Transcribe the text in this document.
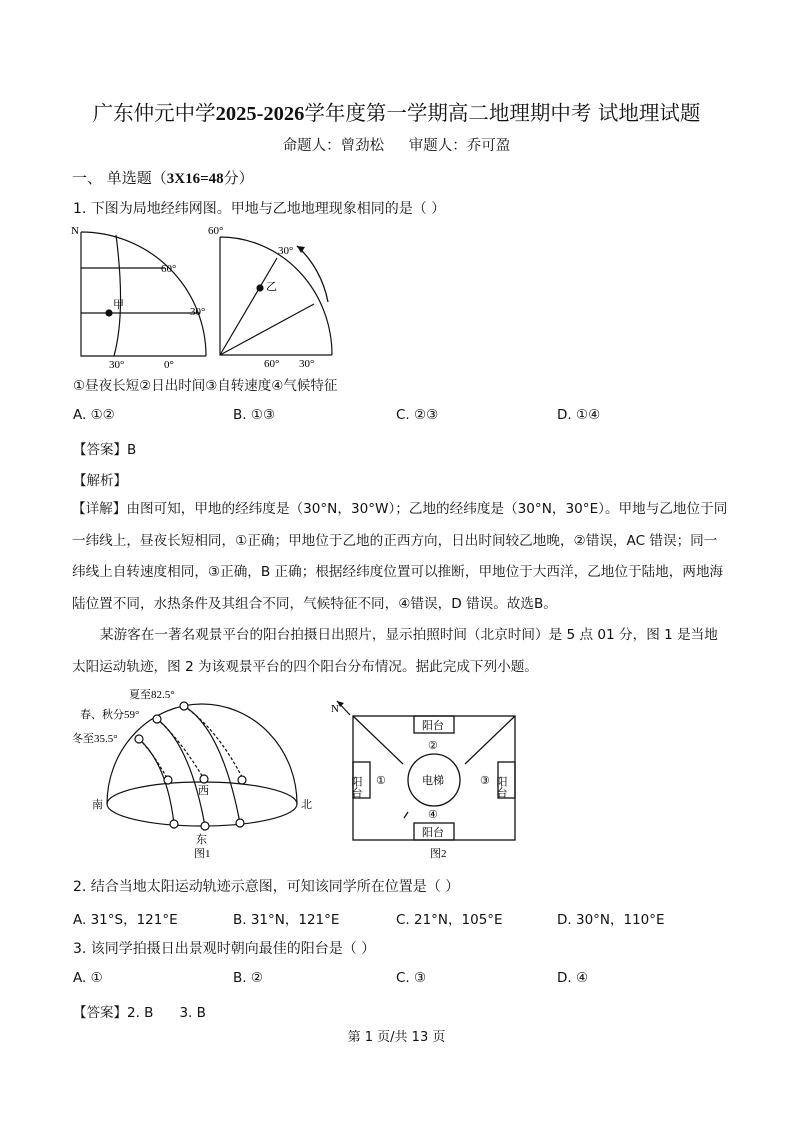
广东仲元中学2025-2026学年度第一学期高二地理期中考 试地理试题
命题人：曾劲松 审题人：乔可盈
一、 单选题（3X16=48分）
1. 下图为局地经纬网图。甲地与乙地地理现象相同的是（ ）
N
60°
30°
30°	0°
甲
60°
30°
60° 30°
乙
①昼夜长短②日出时间③自转速度④气候特征
A. ①②	B. ①③	C. ②③	D. ①④
【答案】B
【解析】
【详解】由图可知，甲地的经纬度是（30°N，30°W）；乙地的经纬度是（30°N，30°E）。甲地与乙地位于同一纬线上，昼夜长短相同，①正确；甲地位于乙地的正西方向，日出时间较乙地晚，②错误，AC 错误；同一纬线上自转速度相同，③正确，B 正确；根据经纬度位置可以推断，甲地位于大西洋，乙地位于陆地，两地海陆位置不同，水热条件及其组合不同，气候特征不同，④错误，D 错误。故选B。
某游客在一著名观景平台的阳台拍摄日出照片，显示拍照时间（北京时间）是 5 点 01 分，图 1 是当地太阳运动轨迹，图 2 为该观景平台的四个阳台分布情况。据此完成下列小题。
夏至82.5°
春、秋分59°
冬至35.5°
南
西
北
东
图1
N
阳台
阳台
阳台	阳台
电梯
②
④
①	③
图2
2. 结合当地太阳运动轨迹示意图，可知该同学所在位置是（ ）
A. 31°S，121°E	B. 31°N，121°E	C. 21°N，105°E	D. 30°N，110°E
3. 该同学拍摄日出景观时朝向最佳的阳台是（ ）
A. ①	B. ②	C. ③	D. ④
【答案】2. B 3. B
第 1 页/共 13 页
